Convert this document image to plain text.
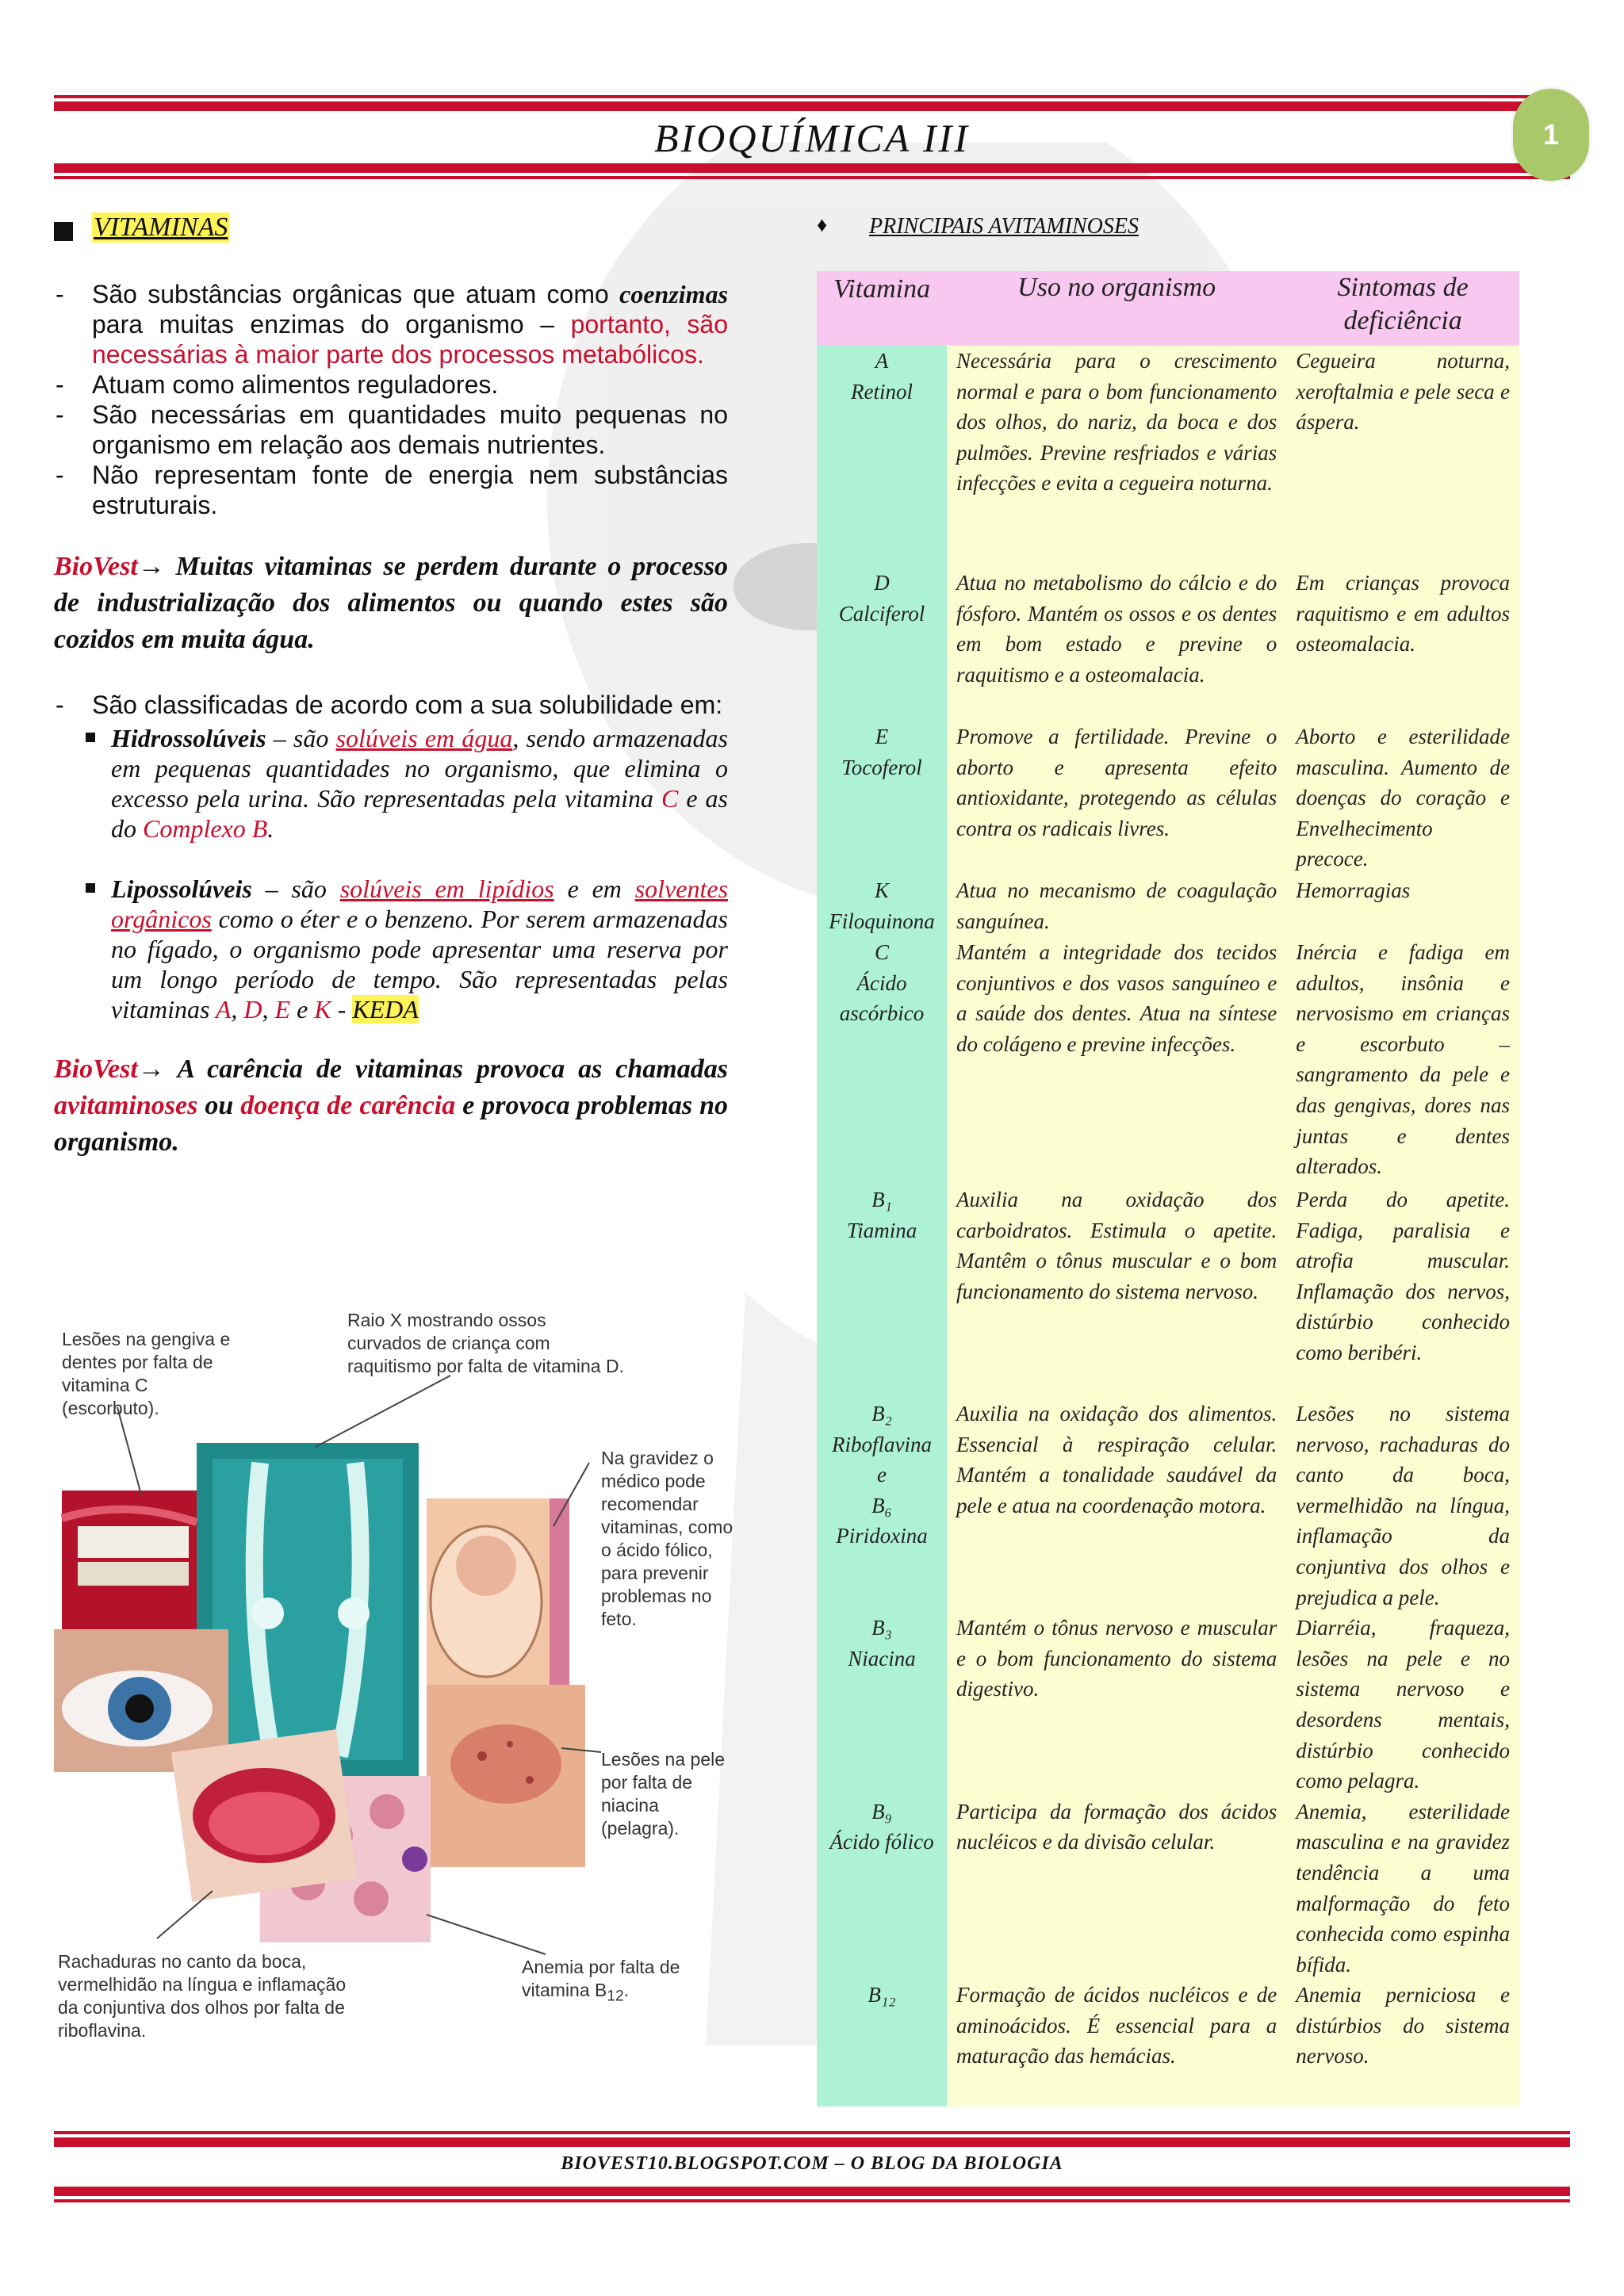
BIOQUÍMICA III	1
VITAMINAS
- São substâncias orgânicas que atuam como coenzimas para muitas enzimas do organismo – portanto, são necessárias à maior parte dos processos metabólicos.
- Atuam como alimentos reguladores.
- São necessárias em quantidades muito pequenas no organismo em relação aos demais nutrientes.
- Não representam fonte de energia nem substâncias estruturais.

BioVest→ Muitas vitaminas se perdem durante o processo de industrialização dos alimentos ou quando estes são cozidos em muita água.

- São classificadas de acordo com a sua solubilidade em:
Hidrossolúveis – são solúveis em água, sendo armazenadas em pequenas quantidades no organismo, que elimina o excesso pela urina. São representadas pela vitamina C e as do Complexo B.
Lipossolúveis – são solúveis em lipídios e em solventes orgânicos como o éter e o benzeno. Por serem armazenadas no fígado, o organismo pode apresentar uma reserva por um longo período de tempo. São representadas pelas vitaminas A, D, E e K - KEDA

BioVest→ A carência de vitaminas provoca as chamadas avitaminoses ou doença de carência e provoca problemas no organismo.

Lesões na gengiva e dentes por falta de vitamina C (escorbuto).
Raio X mostrando ossos curvados de criança com raquitismo por falta de vitamina D.
Na gravidez o médico pode recomendar vitaminas, como o ácido fólico, para prevenir problemas no feto.
Lesões na pele por falta de niacina (pelagra).
Rachaduras no canto da boca, vermelhidão na língua e inflamação da conjuntiva dos olhos por falta de riboflavina.
Anemia por falta de vitamina $B_{12}$.
♦ PRINCIPAIS AVITAMINOSES
Vitamina	Uso no organismo	Sintomas de deficiência

A
Retinol	Necessária para o crescimento normal e para o bom funcionamento dos olhos, do nariz, da boca e dos pulmões. Previne resfriados e várias infecções e evita a cegueira noturna.	Cegueira noturna, xeroftalmia e pele seca e áspera.

D
Calciferol	Atua no metabolismo do cálcio e do fósforo. Mantém os ossos e os dentes em bom estado e previne o raquitismo e a osteomalacia.	Em crianças provoca raquitismo e em adultos osteomalacia.

E
Tocoferol	Promove a fertilidade. Previne o aborto e apresenta efeito antioxidante, protegendo as células contra os radicais livres.	Aborto e esterilidade masculina. Aumento de doenças do coração e Envelhecimento precoce.

K
Filoquinona	Atua no mecanismo de coagulação sanguínea.	Hemorragias

C
Ácido
ascórbico	Mantém a integridade dos tecidos conjuntivos e dos vasos sanguíneo e a saúde dos dentes. Atua na síntese do colágeno e previne infecções.	Inércia e fadiga em adultos, insônia e nervosismo em crianças e escorbuto – sangramento da pele e das gengivas, dores nas juntas e dentes alterados.

B₁
Tiamina	Auxilia na oxidação dos carboidratos. Estimula o apetite. Mantêm o tônus muscular e o bom funcionamento do sistema nervoso.	Perda do apetite. Fadiga, paralisia e atrofia muscular. Inflamação dos nervos, distúrbio conhecido como beribéri.

B₂
Riboflavina
e
B₆
Piridoxina	Auxilia na oxidação dos alimentos. Essencial à respiração celular. Mantém a tonalidade saudável da pele e atua na coordenação motora.	Lesões no sistema nervoso, rachaduras do canto da boca, vermelhidão na língua, inflamação da conjuntiva dos olhos e prejudica a pele.

B₃
Niacina	Mantém o tônus nervoso e muscular e o bom funcionamento do sistema digestivo.	Diarréia, fraqueza, lesões na pele e no sistema nervoso e desordens mentais, distúrbio conhecido como pelagra.

B₉
Ácido fólico	Participa da formação dos ácidos nucléicos e da divisão celular.	Anemia, esterilidade masculina e na gravidez tendência a uma malformação do feto conhecida como espinha bífida.

B₁₂	Formação de ácidos nucléicos e de aminoácidos. É essencial para a maturação das hemácias.	Anemia perniciosa e distúrbios do sistema nervoso.
BIOVEST10.BLOGSPOT.COM – O BLOG DA BIOLOGIA
